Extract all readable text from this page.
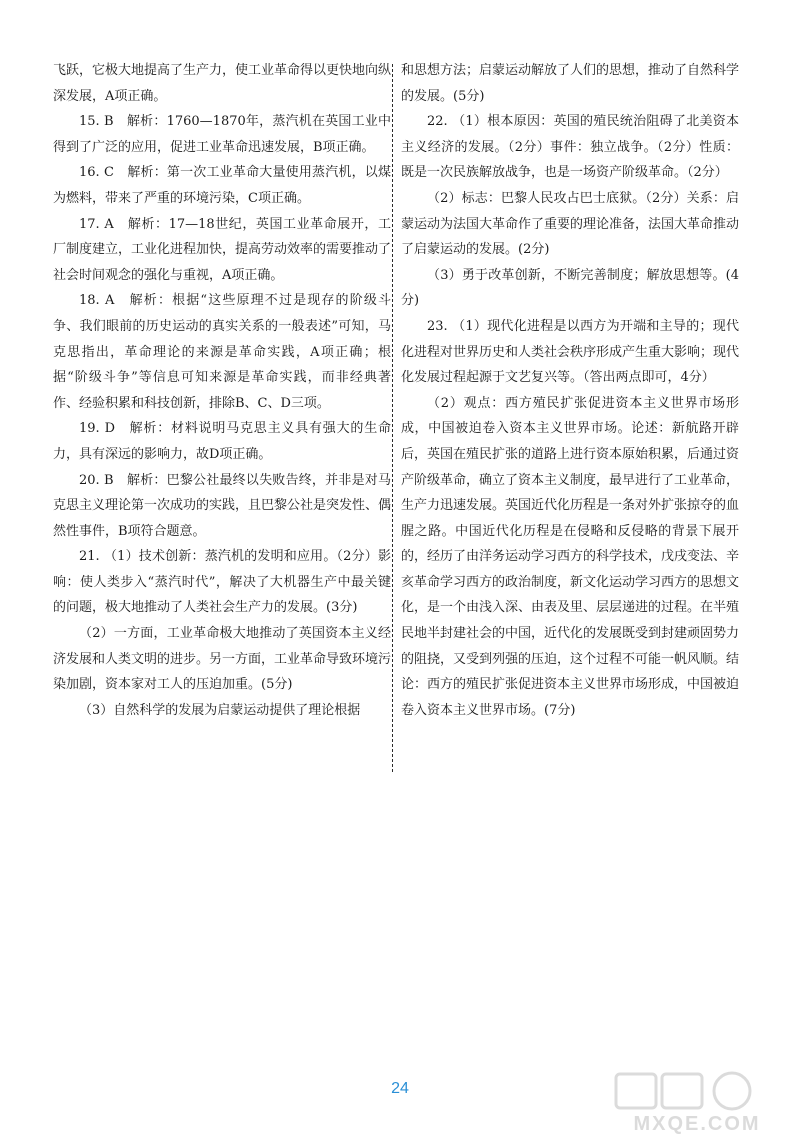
飞跃，它极大地提高了生产力，使工业革命得以更快地向纵深发展，A项正确。

15. B　解析：1760—1870年，蒸汽机在英国工业中得到了广泛的应用，促进工业革命迅速发展，B项正确。

16. C　解析：第一次工业革命大量使用蒸汽机，以煤为燃料，带来了严重的环境污染，C项正确。

17. A　解析：17—18世纪，英国工业革命展开，工厂制度建立，工业化进程加快，提高劳动效率的需要推动了社会时间观念的强化与重视，A项正确。

18. A　解析：根据“这些原理不过是现存的阶级斗争、我们眼前的历史运动的真实关系的一般表述”可知，马克思指出，革命理论的来源是革命实践，A项正确；根据“阶级斗争”等信息可知来源是革命实践，而非经典著作、经验积累和科技创新，排除B、C、D三项。

19. D　解析：材料说明马克思主义具有强大的生命力，具有深远的影响力，故D项正确。

20. B　解析：巴黎公社最终以失败告终，并非是对马克思主义理论第一次成功的实践，且巴黎公社是突发性、偶然性事件，B项符合题意。

21. （1）技术创新：蒸汽机的发明和应用。（2分）影响：使人类步入“蒸汽时代”，解决了大机器生产中最关键的问题，极大地推动了人类社会生产力的发展。(3分)

（2）一方面，工业革命极大地推动了英国资本主义经济发展和人类文明的进步。另一方面，工业革命导致环境污染加剧，资本家对工人的压迫加重。(5分)

（3）自然科学的发展为启蒙运动提供了理论根据

和思想方法；启蒙运动解放了人们的思想，推动了自然科学的发展。(5分)

22. （1）根本原因：英国的殖民统治阻碍了北美资本主义经济的发展。（2分）事件：独立战争。（2分）性质：既是一次民族解放战争，也是一场资产阶级革命。（2分）

（2）标志：巴黎人民攻占巴士底狱。（2分）关系：启蒙运动为法国大革命作了重要的理论准备，法国大革命推动了启蒙运动的发展。(2分)

（3）勇于改革创新，不断完善制度；解放思想等。(4分)

23. （1）现代化进程是以西方为开端和主导的；现代化进程对世界历史和人类社会秩序形成产生重大影响；现代化发展过程起源于文艺复兴等。（答出两点即可，4分）

（2）观点：西方殖民扩张促进资本主义世界市场形成，中国被迫卷入资本主义世界市场。论述：新航路开辟后，英国在殖民扩张的道路上进行资本原始积累，后通过资产阶级革命，确立了资本主义制度，最早进行了工业革命，生产力迅速发展。英国近代化历程是一条对外扩张掠夺的血腥之路。中国近代化历程是在侵略和反侵略的背景下展开的，经历了由洋务运动学习西方的科学技术，戊戌变法、辛亥革命学习西方的政治制度，新文化运动学习西方的思想文化，是一个由浅入深、由表及里、层层递进的过程。在半殖民地半封建社会的中国，近代化的发展既受到封建顽固势力的阻挠，又受到列强的压迫，这个过程不可能一帆风顺。结论：西方的殖民扩张促进资本主义世界市场形成，中国被迫卷入资本主义世界市场。(7分)

24
MXQE.COM
